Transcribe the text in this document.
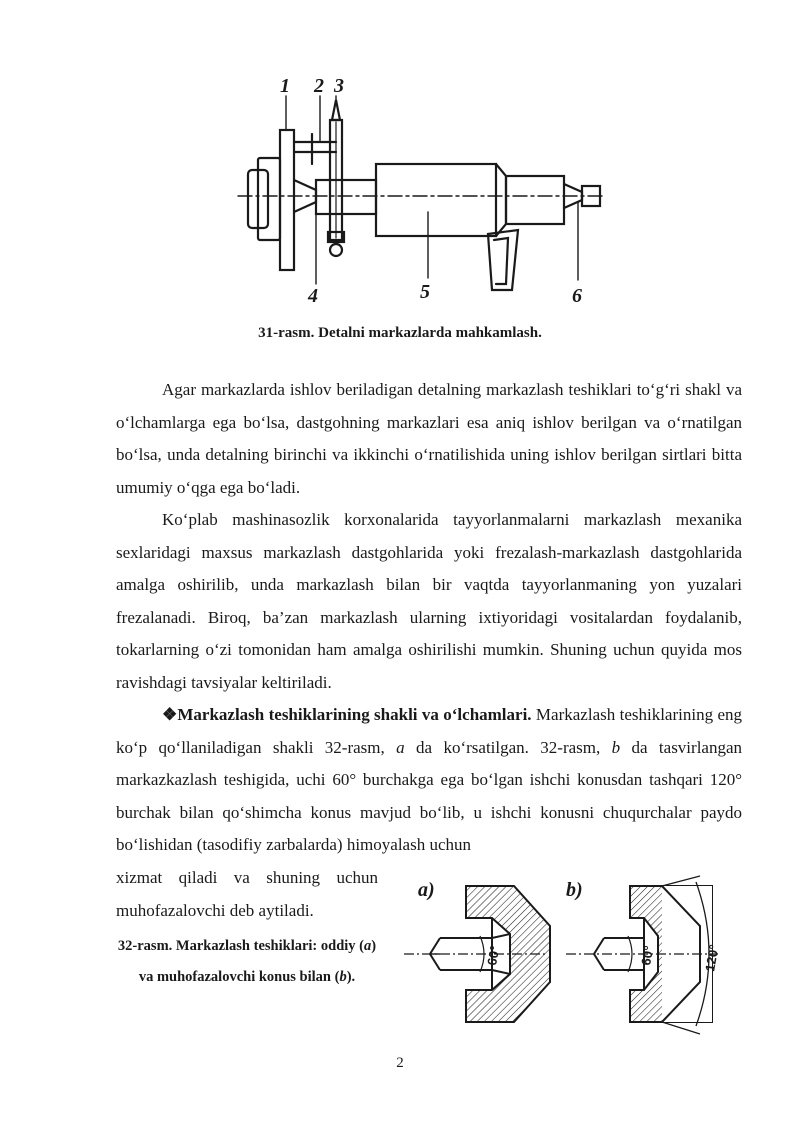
1 2 3
4	5	6
31-rasm. Detalni markazlarda mahkamlash.

Agar markazlarda ishlov beriladigan detalning markazlash teshiklari to‘g‘ri shakl va o‘lchamlarga ega bo‘lsa, dastgohning markazlari esa aniq ishlov berilgan va o‘rnatilgan bo‘lsa, unda detalning birinchi va ikkinchi o‘rnatilishida uning ishlov berilgan sirtlari bitta umumiy o‘qga ega bo‘ladi.

Ko‘plab mashinasozlik korxonalarida tayyorlanmalarni markazlash mexanika sexlaridagi maxsus markazlash dastgohlarida yoki frezalash-markazlash dastgohlarida amalga oshirilib, unda markazlash bilan bir vaqtda tayyorlanmaning yon yuzalari frezalanadi. Biroq, ba’zan markazlash ularning ixtiyoridagi vositalardan foydalanib, tokarlarning o‘zi tomonidan ham amalga oshirilishi mumkin. Shuning uchun quyida mos ravishdagi tavsiyalar keltiriladi.

❖Markazlash teshiklarining shakli va o‘lchamlari. Markazlash teshiklarining eng ko‘p qo‘llaniladigan shakli 32-rasm, a da ko‘rsatilgan. 32-rasm, b da tasvirlangan markazkazlash teshigida, uchi 60° burchakga ega bo‘lgan ishchi konusdan tashqari 120° burchak bilan qo‘shimcha konus mavjud bo‘lib, u ishchi konusni chuqurchalar paydo bo‘lishidan (tasodifiy zarbalarda) himoyalash uchun

xizmat qiladi va shuning uchun muhofazalovchi deb aytiladi.
32-rasm. Markazlash teshiklari: oddiy (a) va muhofazalovchi konus bilan (b).
a)
60°
b)
60°	120°
2
